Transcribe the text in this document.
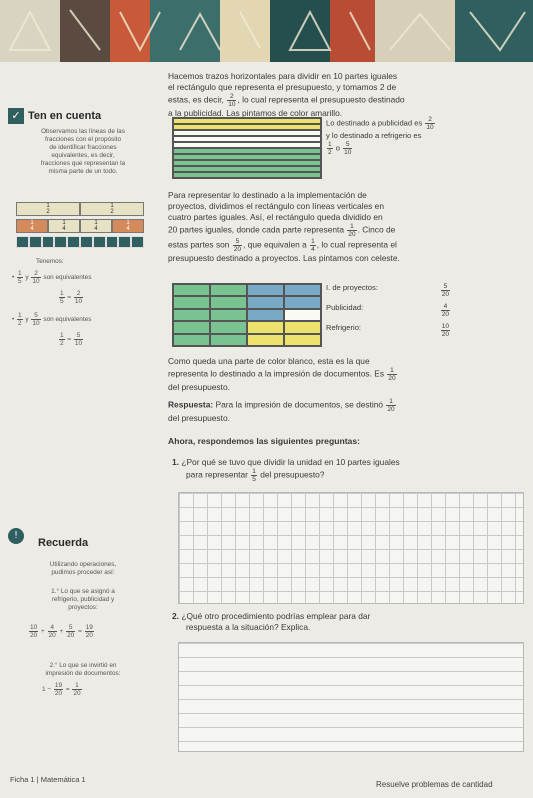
Hacemos trazos horizontales para dividir en 10 partes iguales
el rectángulo que representa el presupuesto, y tomamos 2 de
estas, es decir, $\frac{2}{10}$ , lo cual representa el presupuesto destinado
a la publicidad. Las pintamos de color amarillo.
✓ Ten en cuenta
Observamos las líneas de las
fracciones con el propósito
de identificar fracciones
equivalentes, es decir,
fracciones que representan la
misma parte de un todo.
1
2
1
2
1
4
1
4
1
4
1
4
Tenemos:
• $\frac{1}{5}$ y $\frac{2}{10}$ son equivalentes
$\frac{1}{5} = \frac{2}{10}$
• $\frac{1}{2}$ y $\frac{5}{10}$ son equivalentes
$\frac{1}{2} = \frac{5}{10}$
Lo destinado a publicidad es $\frac{2}{10}$
y lo destinado a refrigerio es
$\frac{1}{2}$ o $\frac{5}{10}$
Para representar lo destinado a la implementación de
proyectos, dividimos el rectángulo con líneas verticales en
cuatro partes iguales. Así, el rectángulo queda dividido en
20 partes iguales, donde cada parte representa $\frac{1}{20}$ . Cinco de
estas partes son $\frac{5}{20}$ , que equivalen a $\frac{1}{4}$ , lo cual representa el
presupuesto destinado a proyectos. Las pintamos con celeste.
I. de proyectos:	$\frac{5}{20}$
Publicidad:	$\frac{4}{20}$
Refrigerio:	$\frac{10}{20}$
Como queda una parte de color blanco, esta es la que
representa lo destinado a la impresión de documentos. Es $\frac{1}{20}$
del presupuesto.
Respuesta: Para la impresión de documentos, se destinó $\frac{1}{20}$
del presupuesto.
Ahora, respondemos las siguientes preguntas:
1. ¿Por qué se tuvo que dividir la unidad en 10 partes iguales
para representar $\frac{1}{5}$ del presupuesto?
2. ¿Qué otro procedimiento podrías emplear para dar
respuesta a la situación? Explica.
!
Recuerda
Utilizando operaciones,
pudimos proceder así:
1.° Lo que se asignó a
refrigerio, publicidad y
proyectos:
$\frac{10}{20} + \frac{4}{20} + \frac{5}{20} = \frac{19}{20}$
2.° Lo que se invirtió en
impresión de documentos:
$1 - \frac{19}{20} = \frac{1}{20}$
Ficha 1 | Matemática 1
Resuelve problemas de cantidad
